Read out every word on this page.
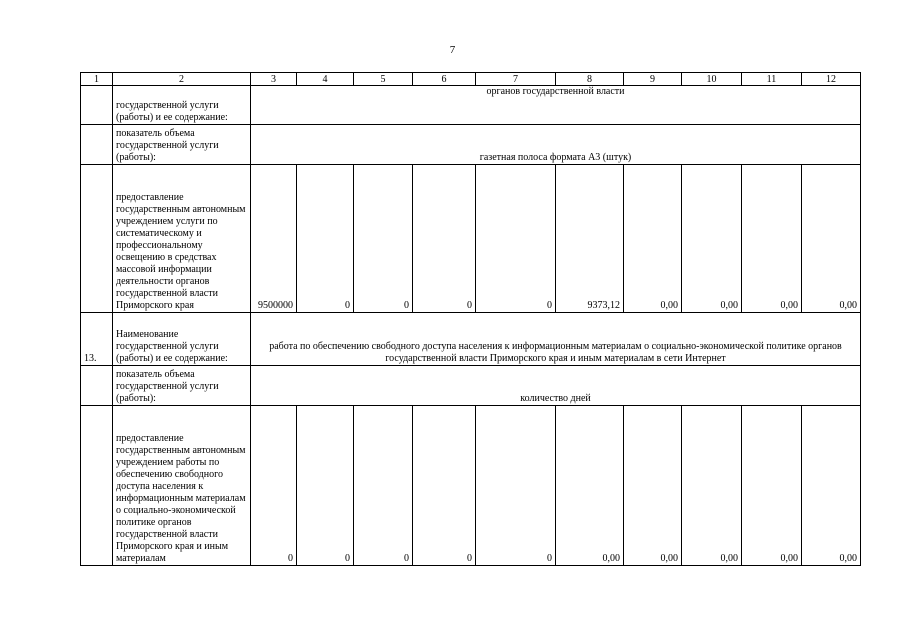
7
1	2	3	4	5	6	7	8	9	10	11	12
	государственной услуги (работы) и ее содержание:	органов государственной власти									
	показатель объема государственной услуги (работы):	газетная полоса формата А3 (штук)									
	предоставление государственным автономным учреждением услуги по систематическому и профессиональному освещению в средствах массовой информации деятельности органов государственной власти Приморского края	9500000	0	0	0	0	9373,12	0,00	0,00	0,00	0,00
13.	Наименование государственной услуги (работы) и ее содержание:	работа по обеспечению свободного доступа населения к информационным материалам о социально-экономической политике органов государственной власти Приморского края и иным материалам в сети Интернет									
	показатель объема государственной услуги (работы):	количество дней									
	предоставление государственным автономным учреждением работы по обеспечению свободного доступа населения к информационным материалам о социально-экономической политике органов государственной власти Приморского края и иным материалам	0	0	0	0	0	0,00	0,00	0,00	0,00	0,00
